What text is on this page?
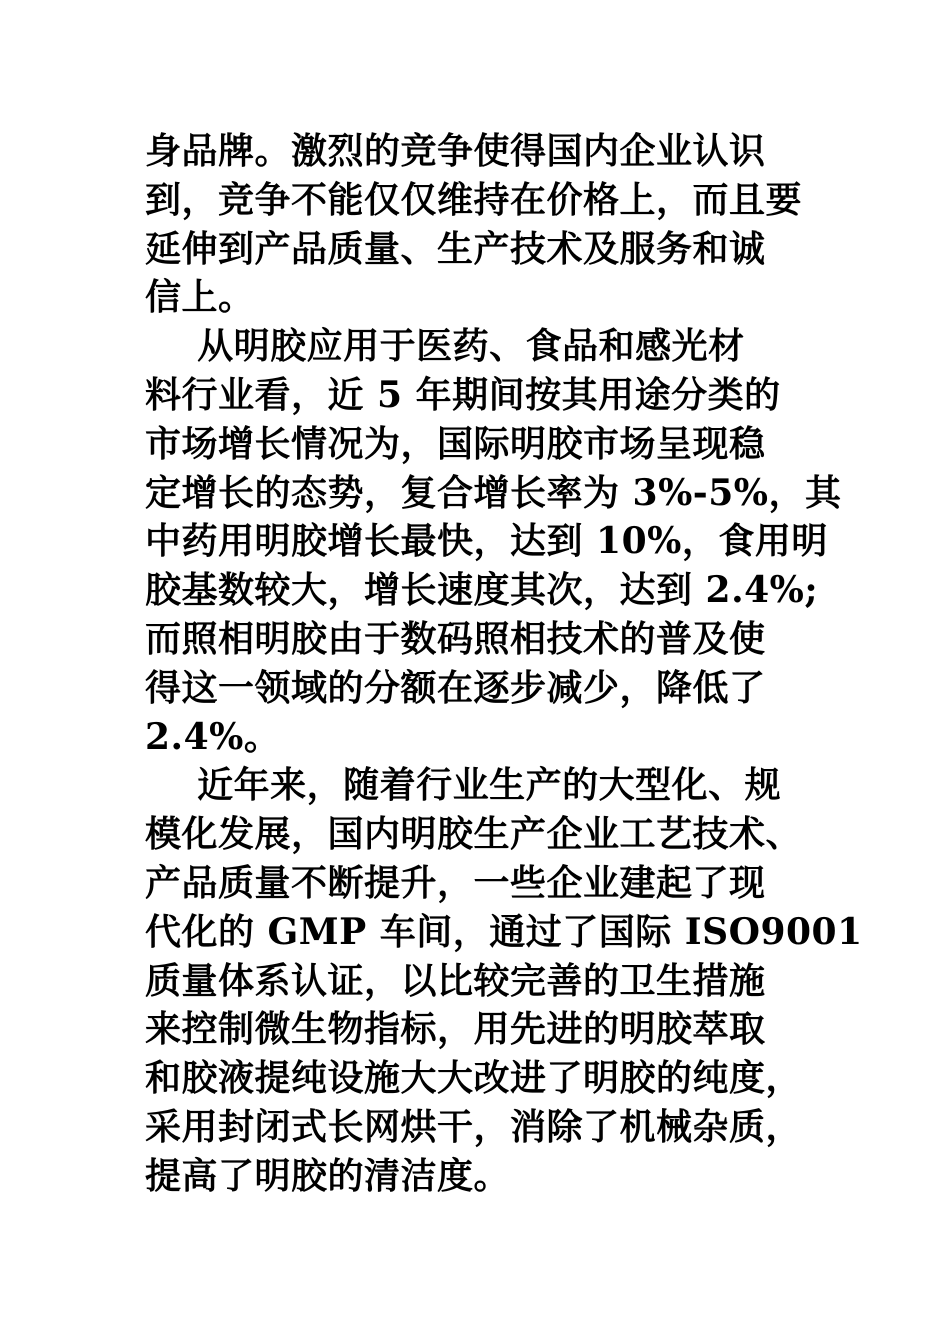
身品牌。激烈的竞争使得国内企业认识
到，竞争不能仅仅维持在价格上，而且要
延伸到产品质量、生产技术及服务和诚
信上。
从明胶应用于医药、食品和感光材
料行业看，近 5 年期间按其用途分类的
市场增长情况为，国际明胶市场呈现稳
定增长的态势，复合增长率为 3%-5%，其
中药用明胶增长最快，达到 10%，食用明
胶基数较大，增长速度其次，达到 2.4%;
而照相明胶由于数码照相技术的普及使
得这一领域的分额在逐步减少，降低了
2.4%。
近年来，随着行业生产的大型化、规
模化发展，国内明胶生产企业工艺技术、
产品质量不断提升，一些企业建起了现
代化的 GMP 车间，通过了国际 ISO9001
质量体系认证，以比较完善的卫生措施
来控制微生物指标，用先进的明胶萃取
和胶液提纯设施大大改进了明胶的纯度，
采用封闭式长网烘干，消除了机械杂质，
提高了明胶的清洁度。
